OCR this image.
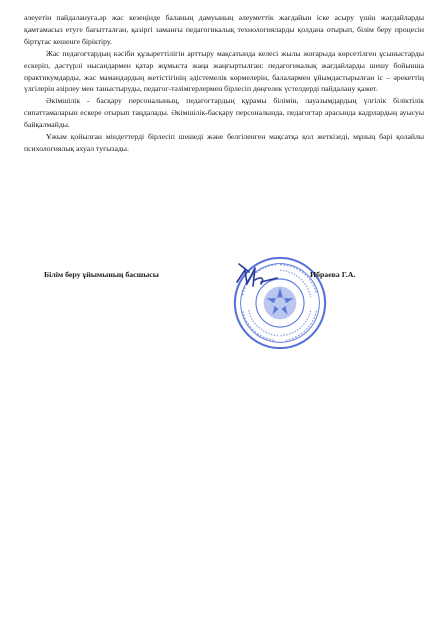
әлеуетін пайдалануға,әр жас кезеңінде баланың дамуының әлеуметтік жағдайын іске асыру үшін жағдайларды қамтамасыз етуге бағытталған, қазіргі заманғы педагогикалық технологияларды қолдана отырып, білім беру процесін біртұтас кешенге біріктіру.

Жас педагогтардың кәсіби құзыреттілігін арттыру мақсатында келесі жылы жоғарыда көрсетілген ұсыныстарды ескеріп, дәстүрлі нысандармен қатар жұмыста жаңа жаңғыртылған: педагогикалық жағдайларды шешу бойынша практикумдарды, жас мамандардың жетістігінің әдістемелік көрмелерін, балалармен ұйымдастырылған іс – әрекеттің үлгілерін әзірлеу мен таныстыруды, педагог-тәлімгерлермен бірлесіп дөңгелек үстелдерді пайдалану қажет.

Әкімшілік - басқару персоналының, педагогтардың құрамы білімін, лауазымдардың үлгілік біліктілік сипаттамаларын ескере отырып таңдалады. Әкімшілік-басқару персоналында, педагогтар арасында кадрлардың ауысуы байқалмайды.

Ұжым қойылған міндеттерді бірлесіп шешеді және белгіленген мақсатқа қол жеткізеді, мұның бәрі қолайлы психологиялық ахуал туғызады.

Білім беру ұйымының басшысы	Ибраева Г.А.
